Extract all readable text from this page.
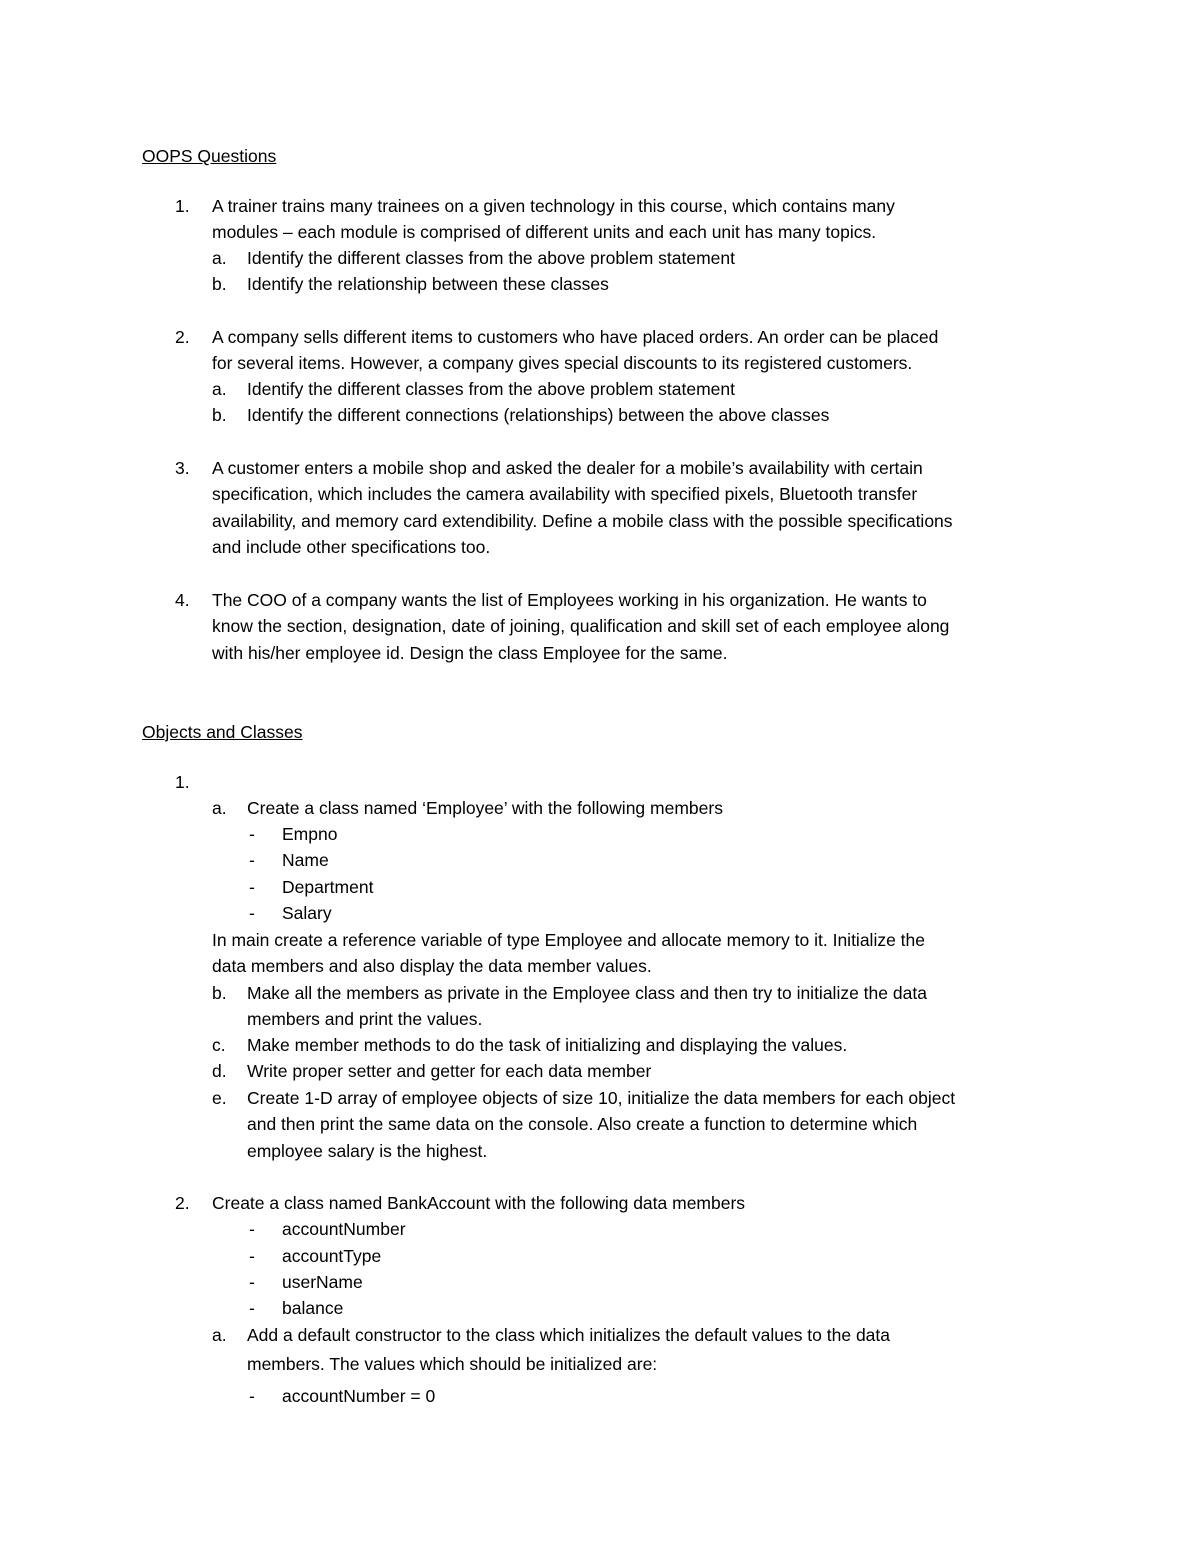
OOPS Questions
1. A trainer trains many trainees on a given technology in this course, which contains many
modules – each module is comprised of different units and each unit has many topics.
a. Identify the different classes from the above problem statement
b. Identify the relationship between these classes
2. A company sells different items to customers who have placed orders. An order can be placed
for several items. However, a company gives special discounts to its registered customers.
a. Identify the different classes from the above problem statement
b. Identify the different connections (relationships) between the above classes
3. A customer enters a mobile shop and asked the dealer for a mobile’s availability with certain
specification, which includes the camera availability with specified pixels, Bluetooth transfer
availability, and memory card extendibility. Define a mobile class with the possible specifications
and include other specifications too.
4. The COO of a company wants the list of Employees working in his organization. He wants to
know the section, designation, date of joining, qualification and skill set of each employee along
with his/her employee id. Design the class Employee for the same.
Objects and Classes
1.
a. Create a class named ‘Employee’ with the following members
- Empno
- Name
- Department
- Salary
In main create a reference variable of type Employee and allocate memory to it. Initialize the
data members and also display the data member values.
b. Make all the members as private in the Employee class and then try to initialize the data
members and print the values.
c. Make member methods to do the task of initializing and displaying the values.
d. Write proper setter and getter for each data member
e. Create 1-D array of employee objects of size 10, initialize the data members for each object
and then print the same data on the console. Also create a function to determine which
employee salary is the highest.
2. Create a class named BankAccount with the following data members
- accountNumber
- accountType
- userName
- balance
a. Add a default constructor to the class which initializes the default values to the data
members. The values which should be initialized are:
- accountNumber = 0
